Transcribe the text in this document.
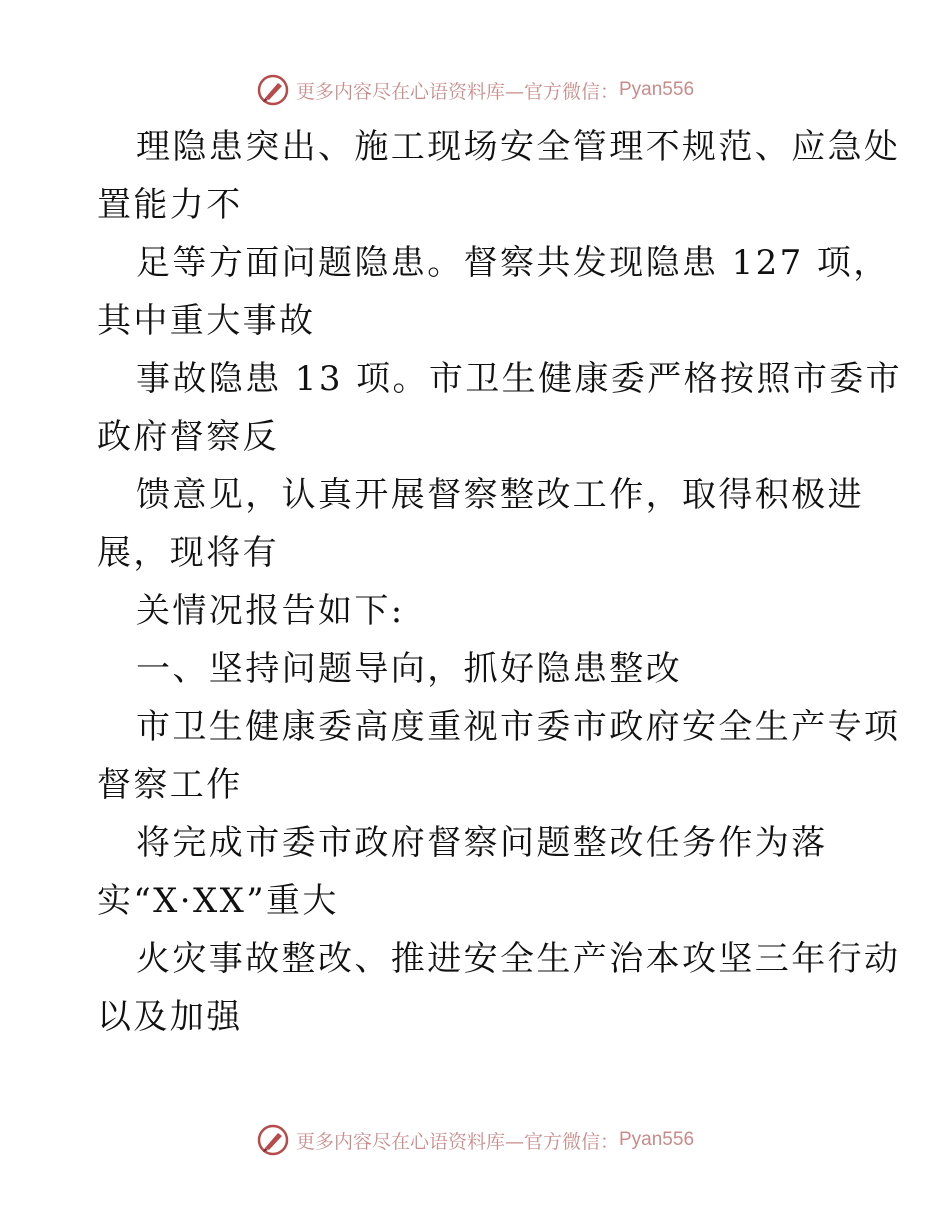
更多内容尽在心语资料库—官方微信： Pyan556
理隐患突出、施工现场安全管理不规范、应急处
置能力不
足等方面问题隐患。督察共发现隐患 127 项，
其中重大事故
事故隐患 13 项。市卫生健康委严格按照市委市
政府督察反
馈意见，认真开展督察整改工作，取得积极进
展，现将有
关情况报告如下:
一、坚持问题导向，抓好隐患整改
市卫生健康委高度重视市委市政府安全生产专项
督察工作
将完成市委市政府督察问题整改任务作为落
实“X·XX”重大
火灾事故整改、推进安全生产治本攻坚三年行动
以及加强
更多内容尽在心语资料库—官方微信： Pyan556
